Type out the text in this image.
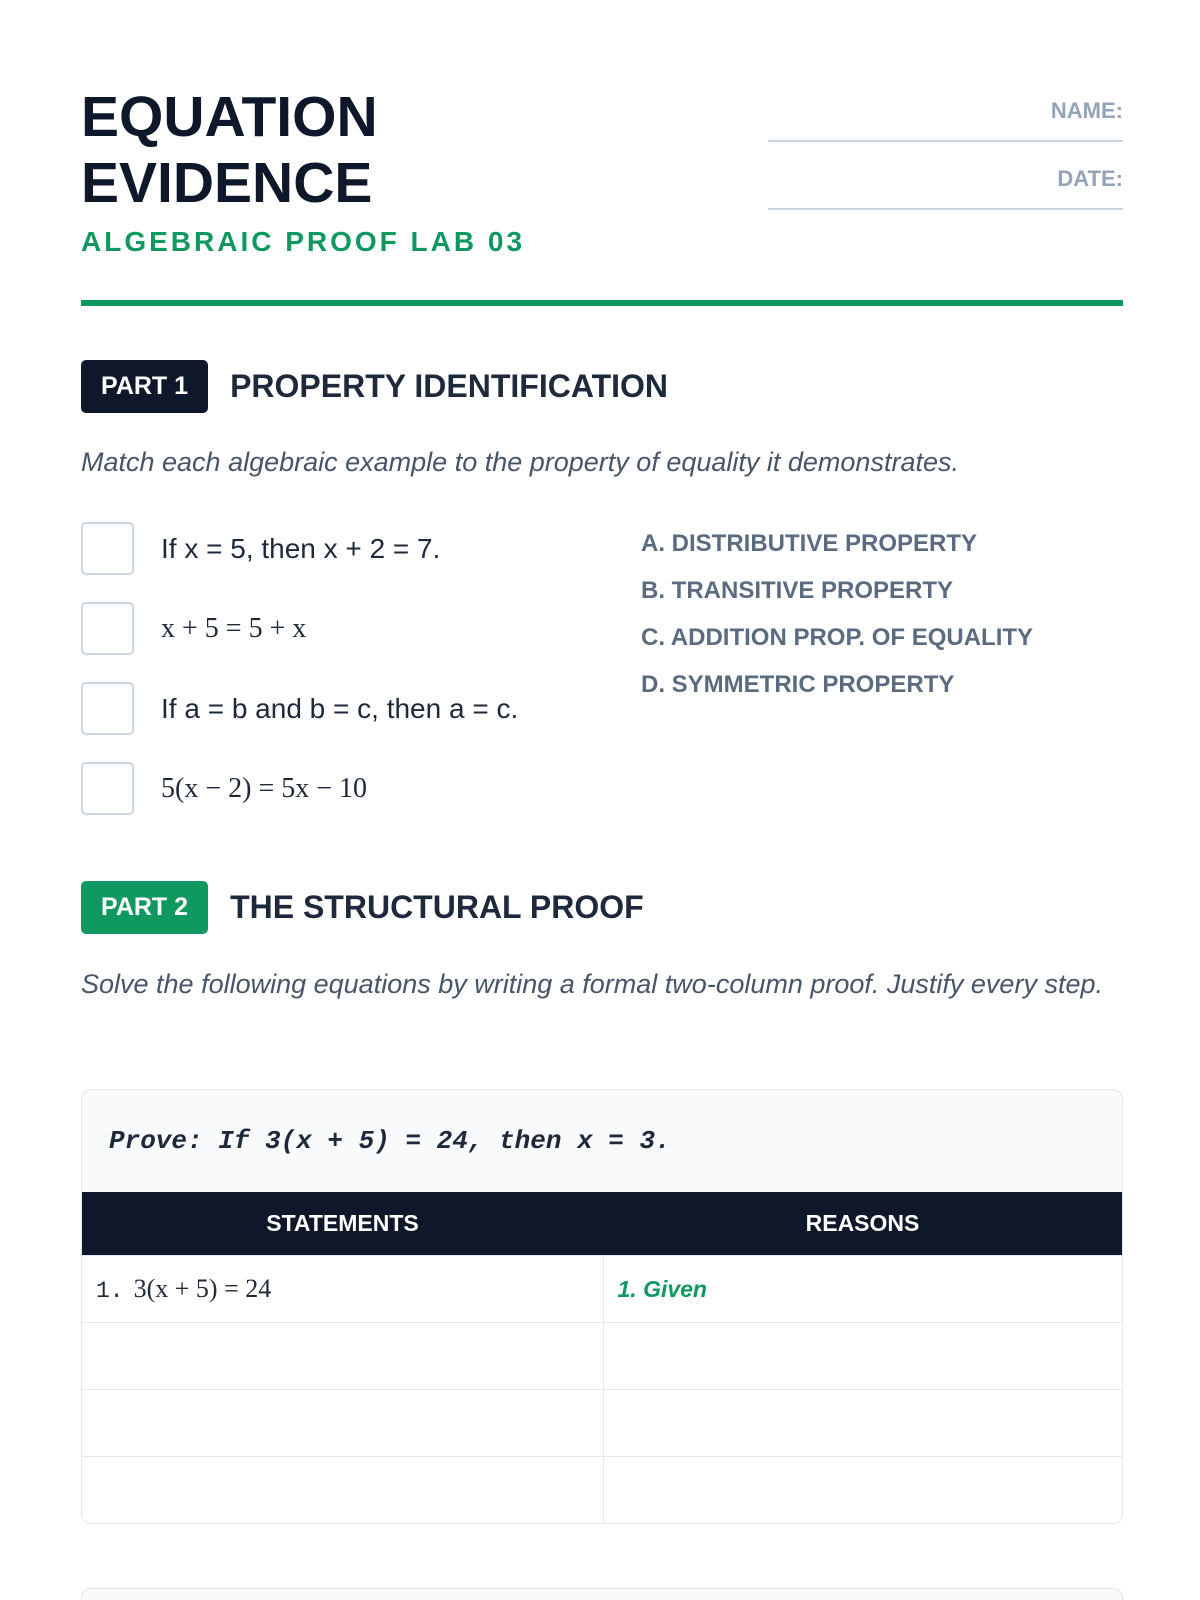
EQUATION
EVIDENCE
ALGEBRAIC PROOF LAB 03
NAME:
DATE:
PART 1	PROPERTY IDENTIFICATION
Match each algebraic example to the property of equality it demonstrates.
If x = 5, then x + 2 = 7.
x + 5 = 5 + x
If a = b and b = c, then a = c.
5(x − 2) = 5x − 10
A. DISTRIBUTIVE PROPERTY
B. TRANSITIVE PROPERTY
C. ADDITION PROP. OF EQUALITY
D. SYMMETRIC PROPERTY
PART 2	THE STRUCTURAL PROOF
Solve the following equations by writing a formal two-column proof. Justify every step.
Prove: If 3(x + 5) = 24, then x = 3.
STATEMENTS	REASONS
1. 3(x + 5) = 24	1. Given
